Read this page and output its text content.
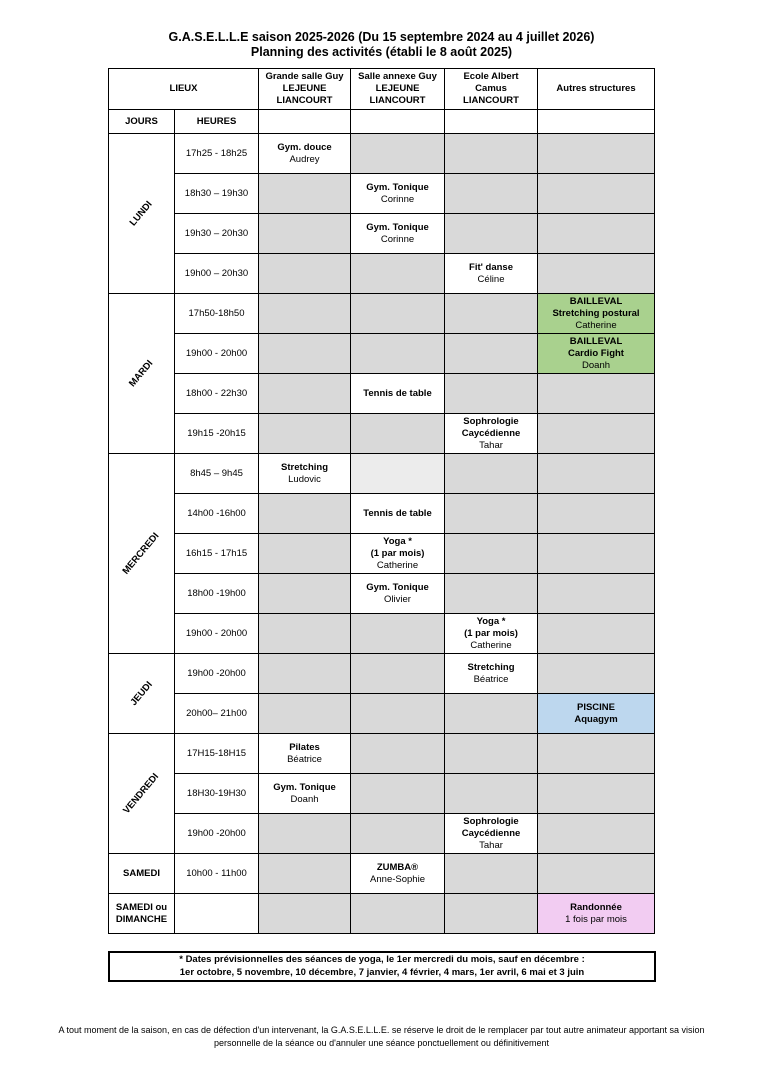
G.A.S.E.L.L.E saison 2025-2026 (Du 15 septembre 2024 au 4 juillet 2026)
Planning des activités (établi le 8 août 2025)
LIEUX		Grande salle Guy
LEJEUNE
LIANCOURT	Salle annexe Guy
LEJEUNE
LIANCOURT	Ecole Albert
Camus
LIANCOURT	Autres structures
JOURS	HEURES				
LUNDI	17h25 - 18h25	Gym. douce
Audrey			

	18h30 – 19h30		Gym. Tonique
Corinne		

	19h30 – 20h30		Gym. Tonique
Corinne		

	19h00 – 20h30			Fit' danse
Céline	

MARDI	17h50-18h50				BAILLEVAL
Stretching postural
Catherine

	19h00 - 20h00				BAILLEVAL
Cardio Fight
Doanh

	18h00 - 22h30		Tennis de table		

	19h15 -20h15			Sophrologie
Caycédienne
Tahar	

MERCREDI	8h45 – 9h45	Stretching
Ludovic			

	14h00 -16h00		Tennis de table		

	16h15 - 17h15		Yoga *
(1 par mois)
Catherine		

	18h00 -19h00		Gym. Tonique
Olivier		

	19h00 - 20h00			Yoga *
(1 par mois)
Catherine	

JEUDI	19h00 -20h00			Stretching
Béatrice	

	20h00– 21h00				PISCINE
Aquagym

VENDREDI	17H15-18H15	Pilates
Béatrice			

	18H30-19H30	Gym. Tonique
Doanh			

	19h00 -20h00			Sophrologie
Caycédienne
Tahar	

SAMEDI	10h00 - 11h00		ZUMBA®
Anne-Sophie		

SAMEDI ou
DIMANCHE					Randonnée
1 fois par mois
* Dates prévisionnelles des séances de yoga, le 1er mercredi du mois, sauf en décembre :
1er octobre, 5 novembre, 10 décembre, 7 janvier, 4 février, 4 mars, 1er avril, 6 mai et 3 juin
A tout moment de la saison, en cas de défection d'un intervenant, la G.A.S.E.L.L.E. se réserve le droit de le remplacer par tout autre animateur apportant sa vision
personnelle de la séance ou d'annuler une séance ponctuellement ou définitivement
